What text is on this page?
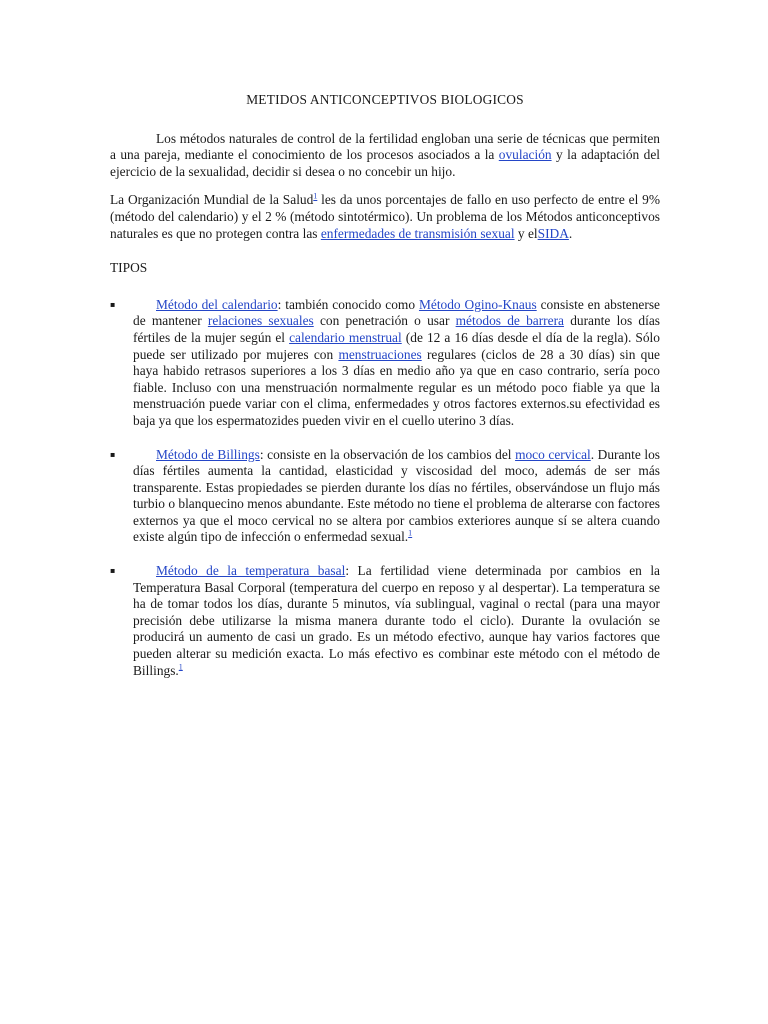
METIDOS ANTICONCEPTIVOS BIOLOGICOS

Los métodos naturales de control de la fertilidad engloban una serie de técnicas que permiten a una pareja, mediante el conocimiento de los procesos asociados a la ovulación y la adaptación del ejercicio de la sexualidad, decidir si desea o no concebir un hijo.

La Organización Mundial de la Salud$^1$ les da unos porcentajes de fallo en uso perfecto de entre el 9% (método del calendario) y el 2 % (método sintotérmico). Un problema de los Métodos anticonceptivos naturales es que no protegen contra las enfermedades de transmisión sexual y elSIDA.

TIPOS

▪	Método del calendario: también conocido como Método Ogino-Knaus consiste en abstenerse de mantener relaciones sexuales con penetración o usar métodos de barrera durante los días fértiles de la mujer según el calendario menstrual (de 12 a 16 días desde el día de la regla). Sólo puede ser utilizado por mujeres con menstruaciones regulares (ciclos de 28 a 30 días) sin que haya habido retrasos superiores a los 3 días en medio año ya que en caso contrario, sería poco fiable. Incluso con una menstruación normalmente regular es un método poco fiable ya que la menstruación puede variar con el clima, enfermedades y otros factores externos.su efectividad es baja ya que los espermatozides pueden vivir en el cuello uterino 3 días.
▪	Método de Billings: consiste en la observación de los cambios del moco cervical. Durante los días fértiles aumenta la cantidad, elasticidad y viscosidad del moco, además de ser más transparente. Estas propiedades se pierden durante los días no fértiles, observándose un flujo más turbio o blanquecino menos abundante. Este método no tiene el problema de alterarse con factores externos ya que el moco cervical no se altera por cambios exteriores aunque sí se altera cuando existe algún tipo de infección o enfermedad sexual.$^1$
▪	Método de la temperatura basal: La fertilidad viene determinada por cambios en la Temperatura Basal Corporal (temperatura del cuerpo en reposo y al despertar). La temperatura se ha de tomar todos los días, durante 5 minutos, vía sublingual, vaginal o rectal (para una mayor precisión debe utilizarse la misma manera durante todo el ciclo). Durante la ovulación se producirá un aumento de casi un grado. Es un método efectivo, aunque hay varios factores que pueden alterar su medición exacta. Lo más efectivo es combinar este método con el método de Billings.$^1$
